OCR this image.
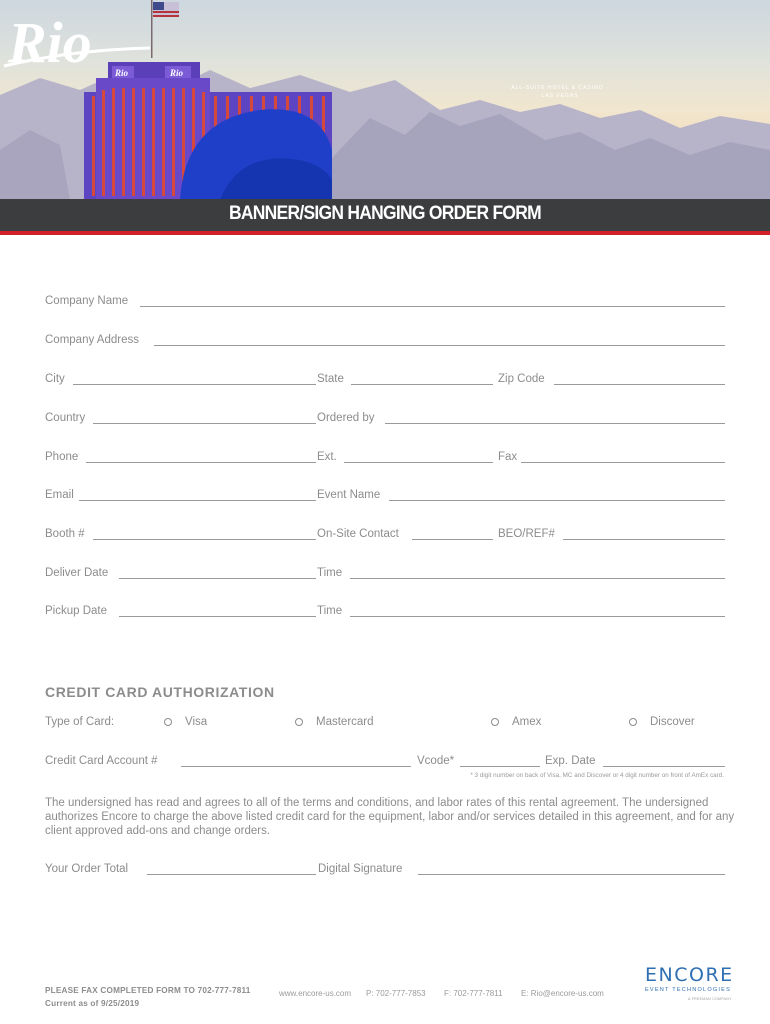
Rio	Rio
Rio
ALL-SUITE HOTEL & CASINO · LAS VEGAS
BANNER/SIGN HANGING ORDER FORM
Company Name
Company Address
City	State	Zip Code
Country	Ordered by
Phone	Ext.	Fax
Email	Event Name
Booth #	On-Site Contact	BEO/REF#
Deliver Date	Time
Pickup Date	Time
CREDIT CARD AUTHORIZATION
Type of Card:	Visa	Mastercard	Amex	Discover
Credit Card Account #	Vcode*	Exp. Date
* 3 digit number on back of Visa, MC and Discover or 4 digit number on front of AmEx card.
The undersigned has read and agrees to all of the terms and conditions, and labor rates of this rental agreement. The undersigned authorizes Encore to charge the above listed credit card for the equipment, labor and/or services detailed in this agreement, and for any client approved add-ons and change orders.
Your Order Total	Digital Signature
PLEASE FAX COMPLETED FORM TO 702-777-7811
Current as of 9/25/2019
www.encore-us.com P: 702-777-7853 F: 702-777-7811 E: Rio@encore-us.com
ENCORE
EVENT TECHNOLOGIES
A FREEMAN COMPANY
